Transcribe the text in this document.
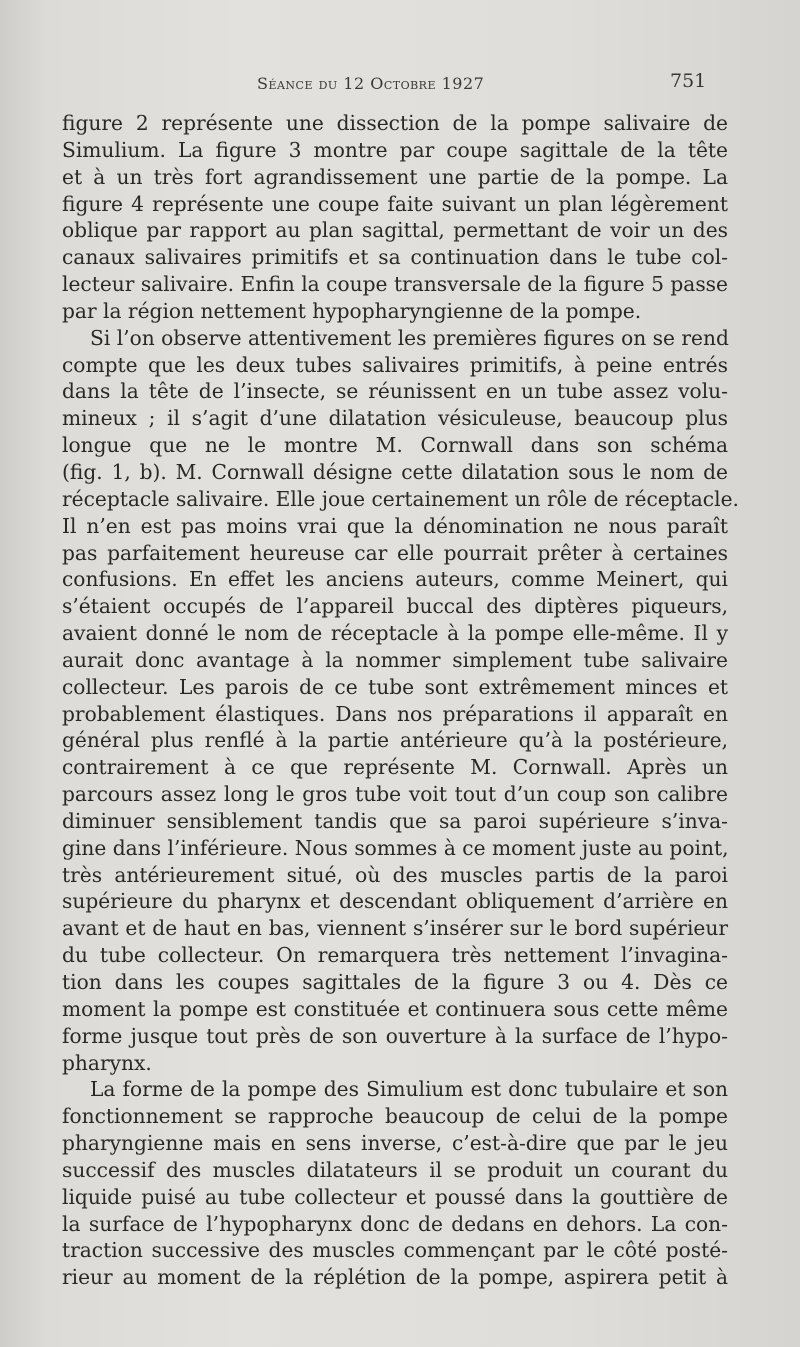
Séance du 12 Octobre 1927	751
figure 2 représente une dissection de la pompe salivaire de
Simulium. La figure 3 montre par coupe sagittale de la tête
et à un très fort agrandissement une partie de la pompe. La
figure 4 représente une coupe faite suivant un plan légèrement
oblique par rapport au plan sagittal, permettant de voir un des
canaux salivaires primitifs et sa continuation dans le tube col-
lecteur salivaire. Enfin la coupe transversale de la figure 5 passe
par la région nettement hypopharyngienne de la pompe.
Si l’on observe attentivement les premières figures on se rend
compte que les deux tubes salivaires primitifs, à peine entrés
dans la tête de l’insecte, se réunissent en un tube assez volu-
mineux ; il s’agit d’une dilatation vésiculeuse, beaucoup plus
longue que ne le montre M. Cornwall dans son schéma
(fig. 1, b). M. Cornwall désigne cette dilatation sous le nom de
réceptacle salivaire. Elle joue certainement un rôle de réceptacle.
Il n’en est pas moins vrai que la dénomination ne nous paraît
pas parfaitement heureuse car elle pourrait prêter à certaines
confusions. En effet les anciens auteurs, comme Meinert, qui
s’étaient occupés de l’appareil buccal des diptères piqueurs,
avaient donné le nom de réceptacle à la pompe elle-même. Il y
aurait donc avantage à la nommer simplement tube salivaire
collecteur. Les parois de ce tube sont extrêmement minces et
probablement élastiques. Dans nos préparations il apparaît en
général plus renflé à la partie antérieure qu’à la postérieure,
contrairement à ce que représente M. Cornwall. Après un
parcours assez long le gros tube voit tout d’un coup son calibre
diminuer sensiblement tandis que sa paroi supérieure s’inva-
gine dans l’inférieure. Nous sommes à ce moment juste au point,
très antérieurement situé, où des muscles partis de la paroi
supérieure du pharynx et descendant obliquement d’arrière en
avant et de haut en bas, viennent s’insérer sur le bord supérieur
du tube collecteur. On remarquera très nettement l’invagina-
tion dans les coupes sagittales de la figure 3 ou 4. Dès ce
moment la pompe est constituée et continuera sous cette même
forme jusque tout près de son ouverture à la surface de l’hypo-
pharynx.
La forme de la pompe des Simulium est donc tubulaire et son
fonctionnement se rapproche beaucoup de celui de la pompe
pharyngienne mais en sens inverse, c’est-à-dire que par le jeu
successif des muscles dilatateurs il se produit un courant du
liquide puisé au tube collecteur et poussé dans la gouttière de
la surface de l’hypopharynx donc de dedans en dehors. La con-
traction successive des muscles commençant par le côté posté-
rieur au moment de la réplétion de la pompe, aspirera petit à
